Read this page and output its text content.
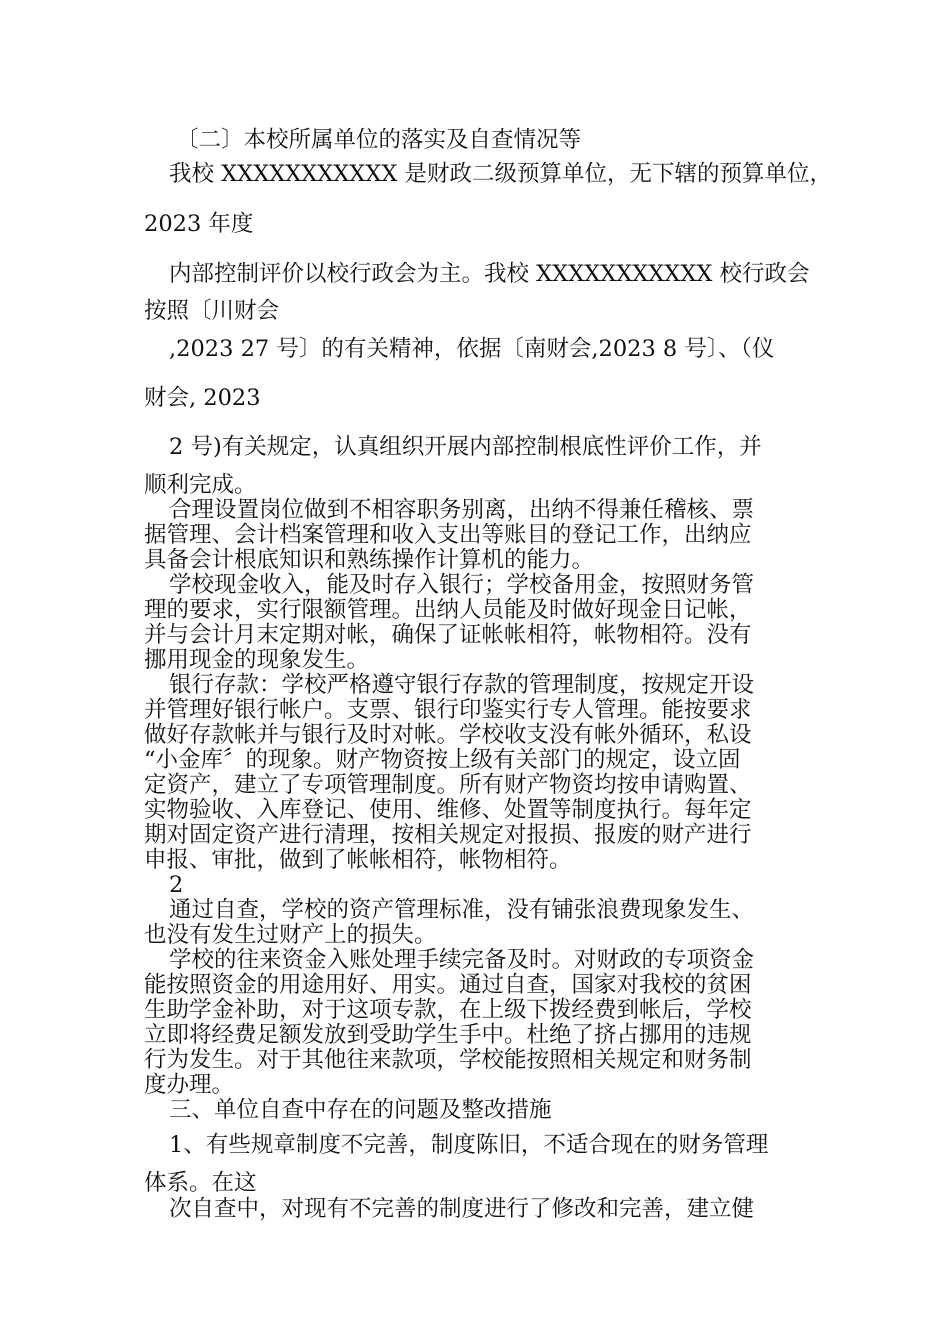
〔二〕本校所属单位的落实及自查情况等
我校 XXXXXXXXXXX 是财政二级预算单位，无下辖的预算单位，
2023 年度
内部控制评价以校行政会为主。我校 XXXXXXXXXXX 校行政会
按照〔川财会
,2023 27 号〕的有关精神，依据〔南财会,2023 8 号〕、（仪
财会, 2023
2 号)有关规定，认真组织开展内部控制根底性评价工作，并
顺利完成。
合理设置岗位做到不相容职务别离，出纳不得兼任稽核、票
据管理、会计档案管理和收入支出等账目的登记工作，出纳应
具备会计根底知识和熟练操作计算机的能力。
学校现金收入，能及时存入银行；学校备用金，按照财务管
理的要求，实行限额管理。出纳人员能及时做好现金日记帐，
并与会计月末定期对帐，确保了证帐帐相符，帐物相符。没有
挪用现金的现象发生。
银行存款：学校严格遵守银行存款的管理制度，按规定开设
并管理好银行帐户。支票、银行印鉴实行专人管理。能按要求
做好存款帐并与银行及时对帐。学校收支没有帐外循环，私设
“小金库〞的现象。财产物资按上级有关部门的规定，设立固
定资产，建立了专项管理制度。所有财产物资均按申请购置、
实物验收、入库登记、使用、维修、处置等制度执行。每年定
期对固定资产进行清理，按相关规定对报损、报废的财产进行
申报、审批，做到了帐帐相符，帐物相符。
2
通过自查，学校的资产管理标准，没有铺张浪费现象发生、
也没有发生过财产上的损失。
学校的往来资金入账处理手续完备及时。对财政的专项资金
能按照资金的用途用好、用实。通过自查，国家对我校的贫困
生助学金补助，对于这项专款，在上级下拨经费到帐后，学校
立即将经费足额发放到受助学生手中。杜绝了挤占挪用的违规
行为发生。对于其他往来款项，学校能按照相关规定和财务制
度办理。
三、单位自查中存在的问题及整改措施
1、有些规章制度不完善，制度陈旧，不适合现在的财务管理
体系。在这
次自查中，对现有不完善的制度进行了修改和完善，建立健
